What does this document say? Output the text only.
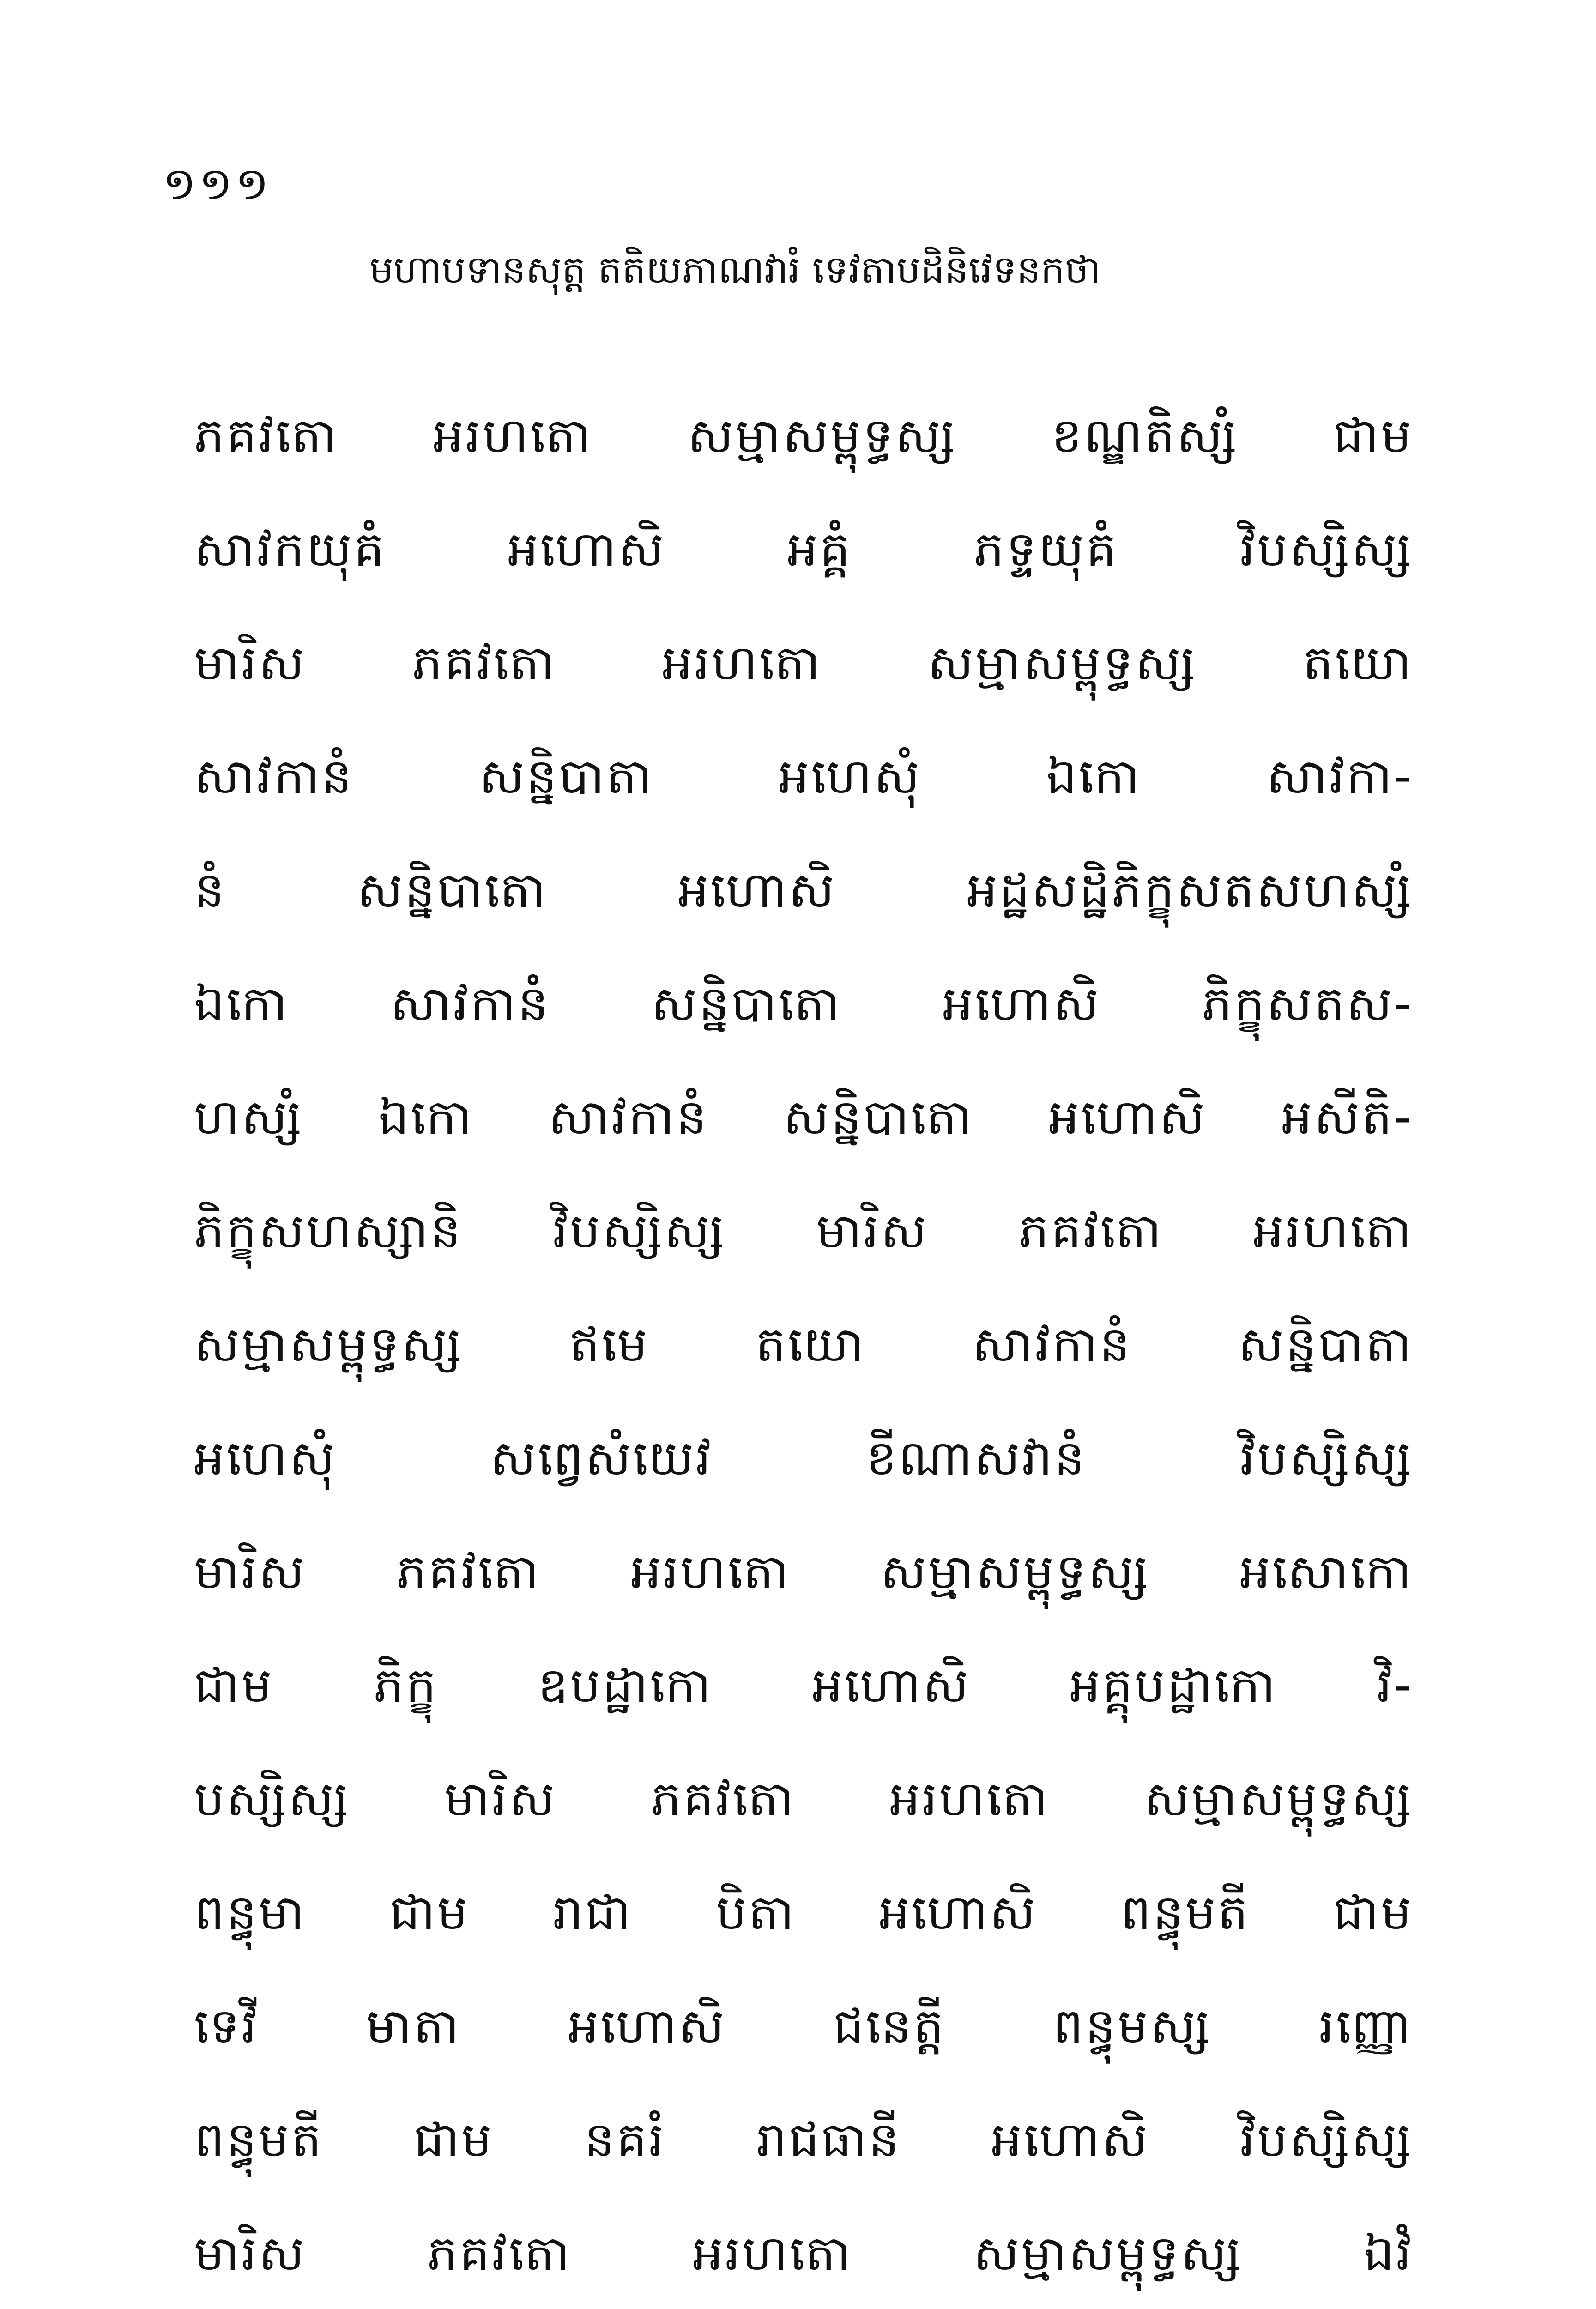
១១១
មហាបទានសុត្ត តតិយភាណវារំ ទេវតាបដិនិវេទនកថា
ភគវតោ អរហតោ សម្មាសម្ពុទ្ធស្ស ខណ្ឌតិស្សំ ជាម
សាវកយុគំ អហោសិ អគ្គំ ភទ្ទយុគំ វិបស្សិស្ស
មារិស ភគវតោ អរហតោ សម្មាសម្ពុទ្ធស្ស តយោ
សាវកានំ សន្និបាតា អហេសុំ ឯកោ សាវកា-
នំ សន្និបាតោ អហោសិ អដ្ឋសដ្ឋិភិក្ខុសតសហស្សំ
ឯកោ សាវកានំ សន្និបាតោ អហោសិ ភិក្ខុសតស-
ហស្សំ ឯកោ សាវកានំ សន្និបាតោ អហោសិ អសីតិ-
ភិក្ខុសហស្សានិ វិបស្សិស្ស មារិស ភគវតោ អរហតោ
សម្មាសម្ពុទ្ធស្ស ឥមេ តយោ សាវកានំ សន្និបាតា
អហេសុំ សព្វេសំយេវ ខីណាសវានំ វិបស្សិស្ស
មារិស ភគវតោ អរហតោ សម្មាសម្ពុទ្ធស្ស អសោកោ
ជាម ភិក្ខុ ឧបដ្ឋាកោ អហោសិ អគ្គុបដ្ឋាកោ វិ-
បស្សិស្ស មារិស ភគវតោ អរហតោ សម្មាសម្ពុទ្ធស្ស
ពន្ធុមា ជាម រាជា បិតា អហោសិ ពន្ធុមតី ជាម
ទេវី មាតា អហោសិ ជនេត្តី ពន្ធុមស្ស រញ្ញោ
ពន្ធុមតី ជាម នគរំ រាជធានី អហោសិ វិបស្សិស្ស
មារិស ភគវតោ អរហតោ សម្មាសម្ពុទ្ធស្ស ឯវំ
